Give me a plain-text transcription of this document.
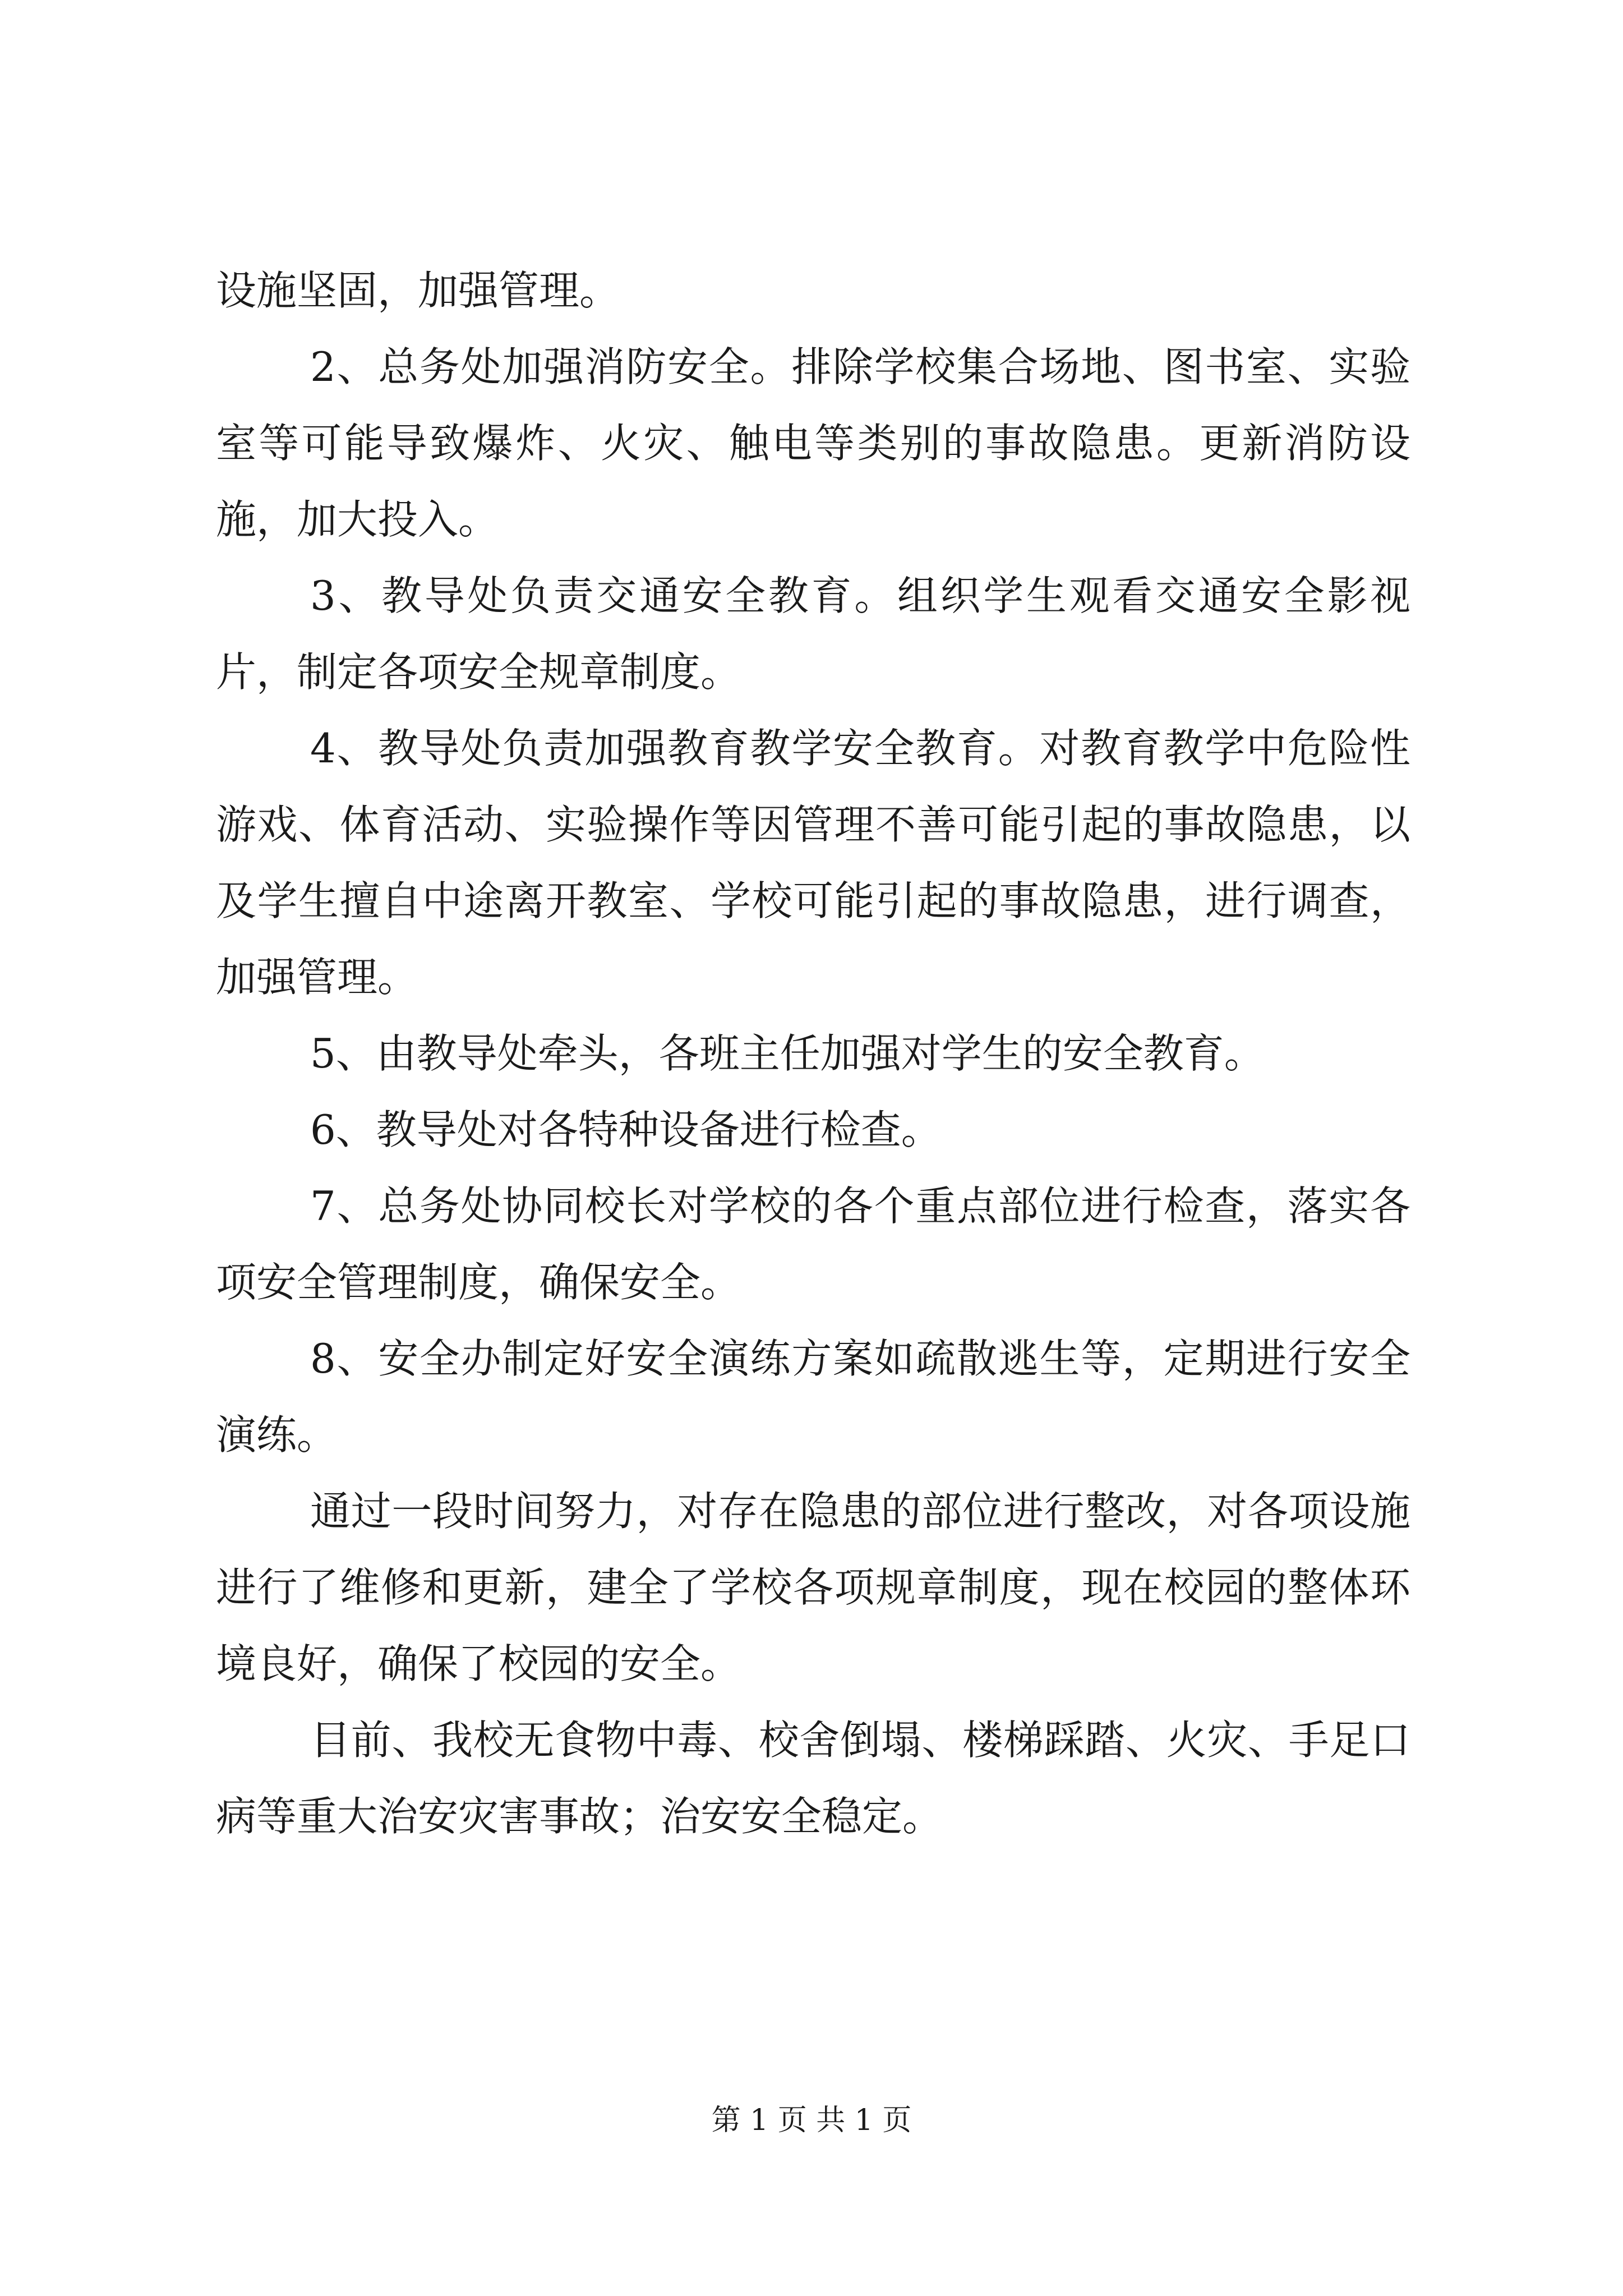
设施坚固，加强管理。

2、总务处加强消防安全。排除学校集合场地、图书室、实验室等可能导致爆炸、火灾、触电等类别的事故隐患。更新消防设施，加大投入。

3、教导处负责交通安全教育。组织学生观看交通安全影视片，制定各项安全规章制度。

4、教导处负责加强教育教学安全教育。对教育教学中危险性游戏、体育活动、实验操作等因管理不善可能引起的事故隐患，以及学生擅自中途离开教室、学校可能引起的事故隐患，进行调查，加强管理。

5、由教导处牵头，各班主任加强对学生的安全教育。

6、教导处对各特种设备进行检查。

7、总务处协同校长对学校的各个重点部位进行检查，落实各项安全管理制度，确保安全。

8、安全办制定好安全演练方案如疏散逃生等，定期进行安全演练。

通过一段时间努力，对存在隐患的部位进行整改，对各项设施进行了维修和更新，建全了学校各项规章制度，现在校园的整体环境良好，确保了校园的安全。

目前、我校无食物中毒、校舍倒塌、楼梯踩踏、火灾、手足口病等重大治安灾害事故；治安安全稳定。

第 1 页 共 1 页
